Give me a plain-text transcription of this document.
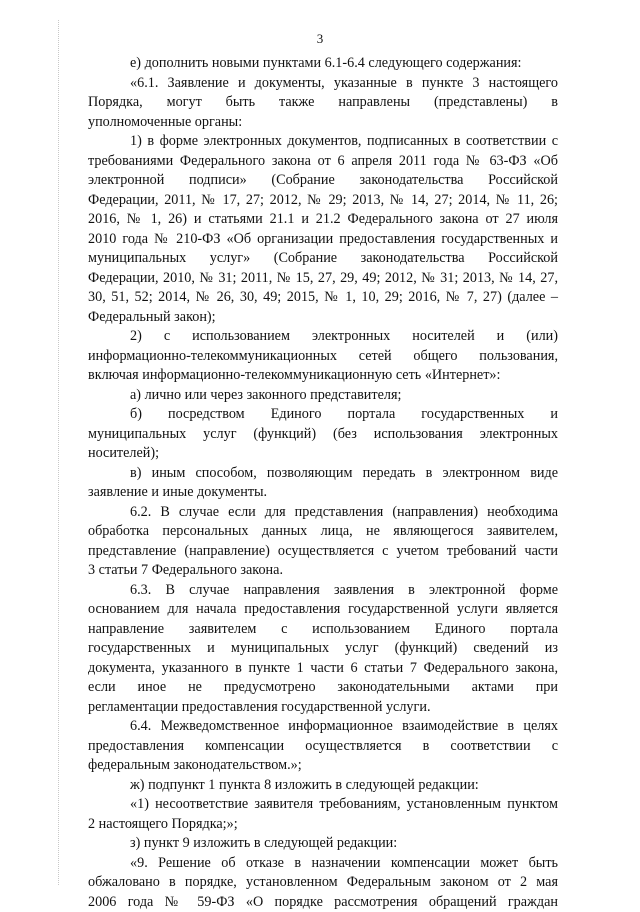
3

е) дополнить новыми пунктами 6.1-6.4 следующего содержания:

«6.1. Заявление и документы, указанные в пункте 3 настоящего

Порядка, могут быть также направлены (представлены) в

уполномоченные органы:

1) в форме электронных документов, подписанных в соответствии с

требованиями Федерального закона от 6 апреля 2011 года № 63-ФЗ «Об

электронной подписи» (Собрание законодательства Российской

Федерации, 2011, № 17, 27; 2012, № 29; 2013, № 14, 27; 2014, № 11, 26;

2016, № 1, 26) и статьями 21.1 и 21.2 Федерального закона от 27 июля

2010 года № 210-ФЗ «Об организации предоставления государственных и

муниципальных услуг» (Собрание законодательства Российской

Федерации, 2010, № 31; 2011, № 15, 27, 29, 49; 2012, № 31; 2013, № 14, 27,

30, 51, 52; 2014, № 26, 30, 49; 2015, № 1, 10, 29; 2016, № 7, 27) (далее –

Федеральный закон);

2) с использованием электронных носителей и (или)

информационно-телекоммуникационных сетей общего пользования,

включая информационно-телекоммуникационную сеть «Интернет»:

а) лично или через законного представителя;

б) посредством Единого портала государственных и

муниципальных услуг (функций) (без использования электронных

носителей);

в) иным способом, позволяющим передать в электронном виде

заявление и иные документы.

6.2. В случае если для представления (направления) необходима

обработка персональных данных лица, не являющегося заявителем,

представление (направление) осуществляется с учетом требований части

3 статьи 7 Федерального закона.

6.3. В случае направления заявления в электронной форме

основанием для начала предоставления государственной услуги является

направление заявителем с использованием Единого портала

государственных и муниципальных услуг (функций) сведений из

документа, указанного в пункте 1 части 6 статьи 7 Федерального закона,

если иное не предусмотрено законодательными актами при

регламентации предоставления государственной услуги.

6.4. Межведомственное информационное взаимодействие в целях

предоставления компенсации осуществляется в соответствии с

федеральным законодательством.»;

ж) подпункт 1 пункта 8 изложить в следующей редакции:

«1) несоответствие заявителя требованиям, установленным пунктом

2 настоящего Порядка;»;

з) пункт 9 изложить в следующей редакции:

«9. Решение об отказе в назначении компенсации может быть

обжаловано в порядке, установленном Федеральным законом от 2 мая

2006 года № 59-ФЗ «О порядке рассмотрения обращений граждан
